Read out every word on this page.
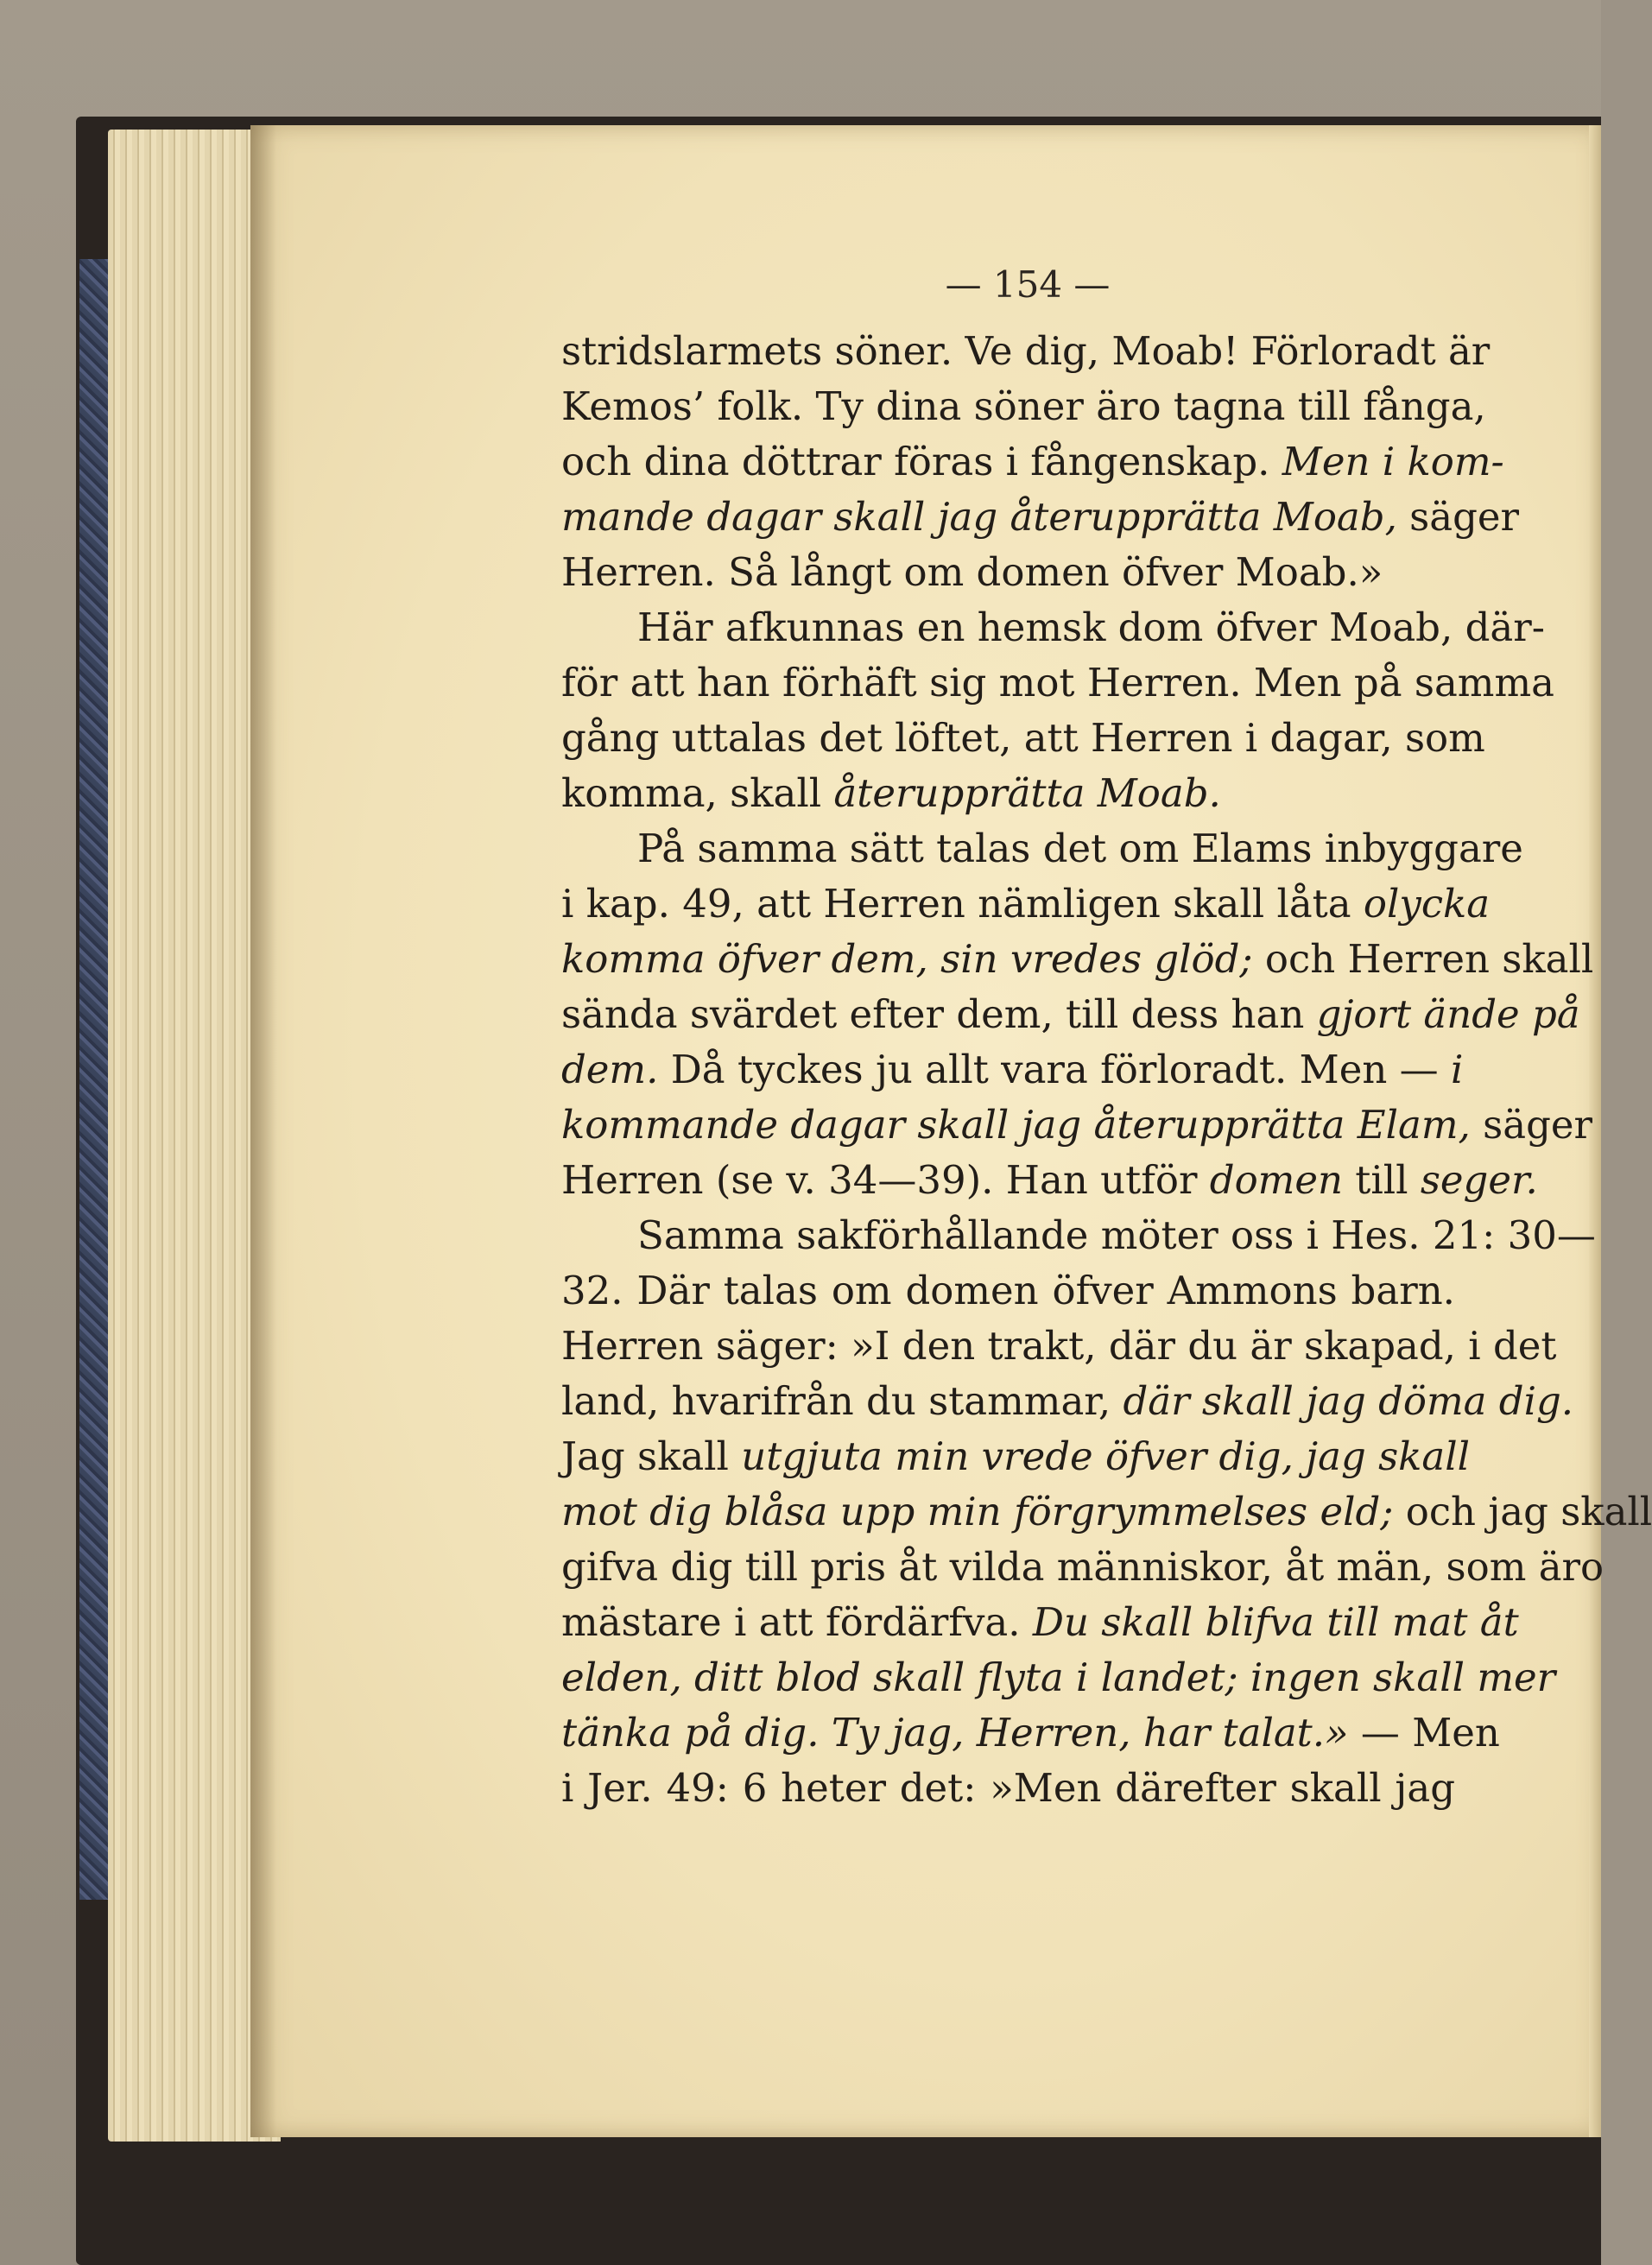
— 154 —
stridslarmets söner. Ve dig, Moab! Förloradt är
Kemos’ folk. Ty dina söner äro tagna till fånga,
och dina döttrar föras i fångenskap. Men i kom-
mande dagar skall jag återupprätta Moab, säger
Herren. Så långt om domen öfver Moab.»
Här afkunnas en hemsk dom öfver Moab, där-
för att han förhäft sig mot Herren. Men på samma
gång uttalas det löftet, att Herren i dagar, som
komma, skall återupprätta Moab.
På samma sätt talas det om Elams inbyggare
i kap. 49, att Herren nämligen skall låta olycka
komma öfver dem, sin vredes glöd; och Herren skall
sända svärdet efter dem, till dess han gjort ände på
dem. Då tyckes ju allt vara förloradt. Men — i
kommande dagar skall jag återupprätta Elam, säger
Herren (se v. 34—39). Han utför domen till seger.
Samma sakförhållande möter oss i Hes. 21: 30—
32. Där talas om domen öfver Ammons barn.
Herren säger: »I den trakt, där du är skapad, i det
land, hvarifrån du stammar, där skall jag döma dig.
Jag skall utgjuta min vrede öfver dig, jag skall
mot dig blåsa upp min förgrymmelses eld; och jag skall
gifva dig till pris åt vilda människor, åt män, som äro
mästare i att fördärfva. Du skall blifva till mat åt
elden, ditt blod skall flyta i landet; ingen skall mer
tänka på dig. Ty jag, Herren, har talat.» — Men
i Jer. 49: 6 heter det: »Men därefter skall jag
